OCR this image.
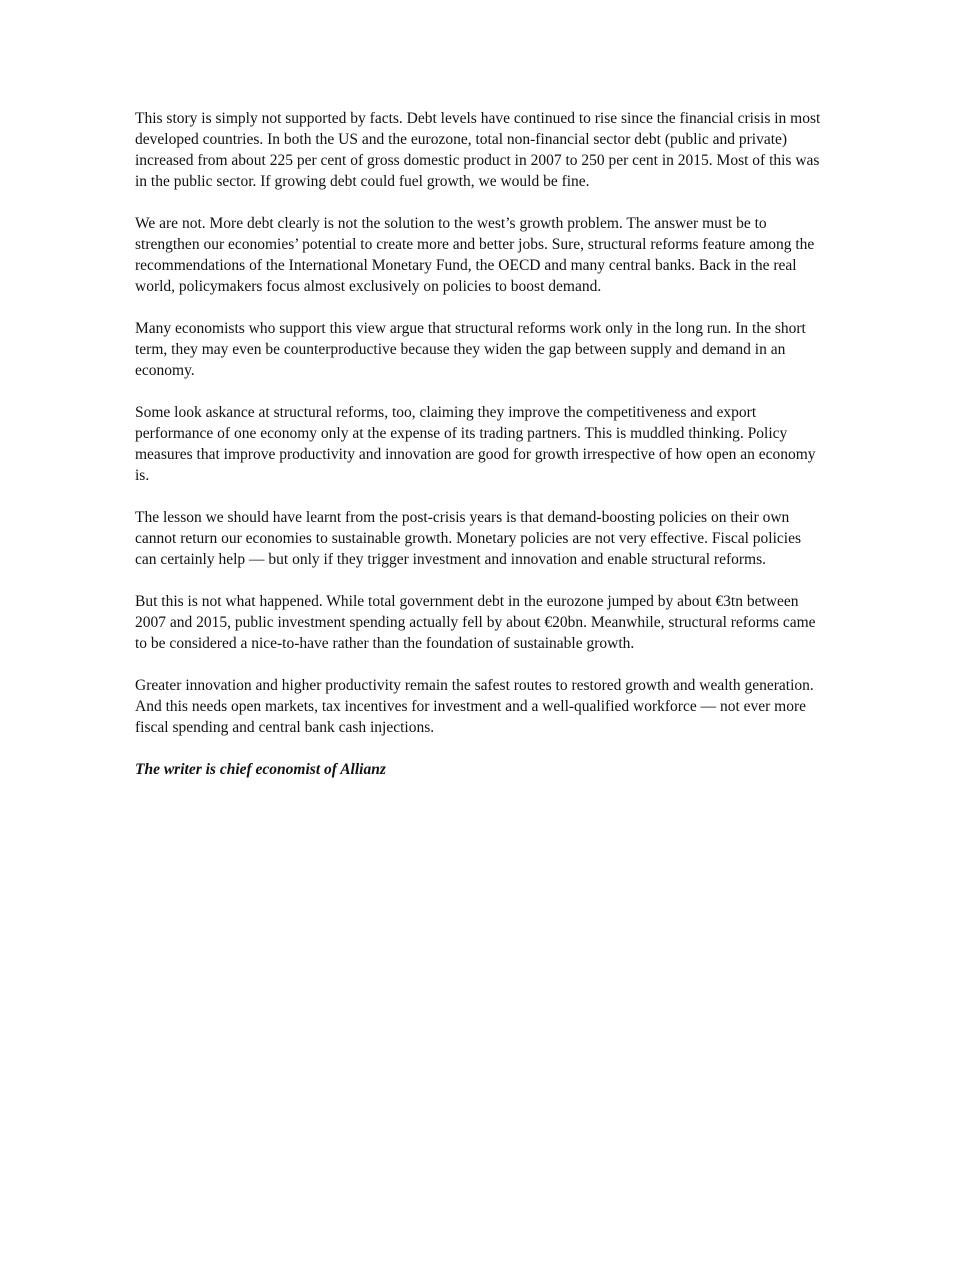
This story is simply not supported by facts. Debt levels have continued to rise since the financial crisis in most developed countries. In both the US and the eurozone, total non-financial sector debt (public and private) increased from about 225 per cent of gross domestic product in 2007 to 250 per cent in 2015. Most of this was in the public sector. If growing debt could fuel growth, we would be fine.

We are not. More debt clearly is not the solution to the west’s growth problem. The answer must be to strengthen our economies’ potential to create more and better jobs. Sure, structural reforms feature among the recommendations of the International Monetary Fund, the OECD and many central banks. Back in the real world, policymakers focus almost exclusively on policies to boost demand.

Many economists who support this view argue that structural reforms work only in the long run. In the short term, they may even be counterproductive because they widen the gap between supply and demand in an economy.

Some look askance at structural reforms, too, claiming they improve the competitiveness and export performance of one economy only at the expense of its trading partners. This is muddled thinking. Policy measures that improve productivity and innovation are good for growth irrespective of how open an economy is.

The lesson we should have learnt from the post-crisis years is that demand-boosting policies on their own cannot return our economies to sustainable growth. Monetary policies are not very effective. Fiscal policies can certainly help — but only if they trigger investment and innovation and enable structural reforms.

But this is not what happened. While total government debt in the eurozone jumped by about €3tn between 2007 and 2015, public investment spending actually fell by about €20bn. Meanwhile, structural reforms came to be considered a nice-to-have rather than the foundation of sustainable growth.

Greater innovation and higher productivity remain the safest routes to restored growth and wealth generation. And this needs open markets, tax incentives for investment and a well-qualified workforce — not ever more fiscal spending and central bank cash injections.

The writer is chief economist of Allianz
